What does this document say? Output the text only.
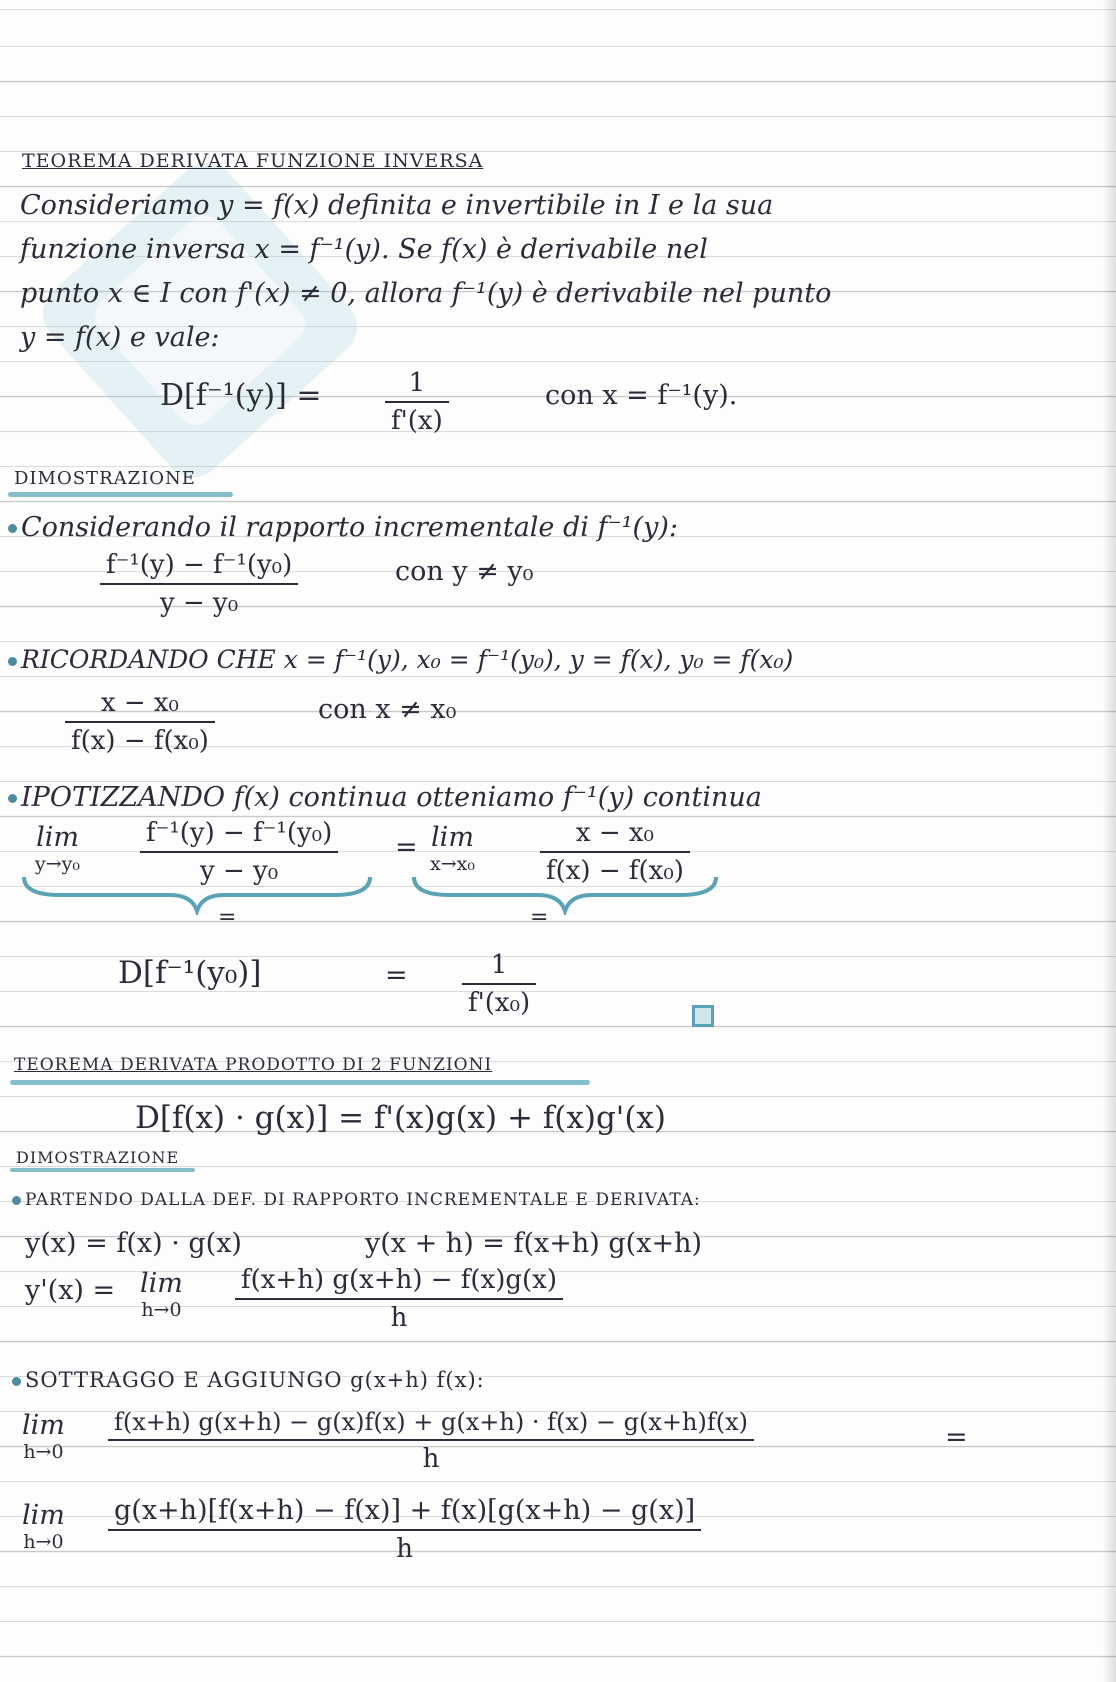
TEOREMA DERIVATA FUNZIONE INVERSA
Consideriamo y = f(x) definita e invertibile in I e la sua
funzione inversa x = f⁻¹(y). Se f(x) è derivabile nel
punto x ∈ I con f'(x) ≠ 0, allora f⁻¹(y) è derivabile nel punto
y = f(x) e vale:
D[f⁻¹(y)] =	1
f'(x)
con x = f⁻¹(y).
DIMOSTRAZIONE
Considerando il rapporto incrementale di f⁻¹(y):
f⁻¹(y) − f⁻¹(y₀)
y − y₀
con y ≠ y₀
RICORDANDO CHE x = f⁻¹(y), x₀ = f⁻¹(y₀), y = f(x), y₀ = f(x₀)
x − x₀
f(x) − f(x₀)
con x ≠ x₀
IPOTIZZANDO f(x) continua otteniamo f⁻¹(y) continua
lim
y→y₀
f⁻¹(y) − f⁻¹(y₀)
y − y₀
= lim
x→x₀
x − x₀
f(x) − f(x₀)
=	=
D[f⁻¹(y₀)]	=	1
f'(x₀)
TEOREMA DERIVATA PRODOTTO DI 2 FUNZIONI
D[f(x) · g(x)] = f'(x)g(x) + f(x)g'(x)
DIMOSTRAZIONE
PARTENDO DALLA DEF. DI RAPPORTO INCREMENTALE E DERIVATA:
y(x) = f(x) · g(x)	y(x + h) = f(x+h) g(x+h)
y'(x) = lim
h→0
f(x+h) g(x+h) − f(x)g(x)
h
SOTTRAGGO E AGGIUNGO g(x+h) f(x):
lim
h→0
f(x+h) g(x+h) − g(x)f(x) + g(x+h) · f(x) − g(x+h)f(x)
h
=
lim
h→0
g(x+h)[f(x+h) − f(x)] + f(x)[g(x+h) − g(x)]
h
